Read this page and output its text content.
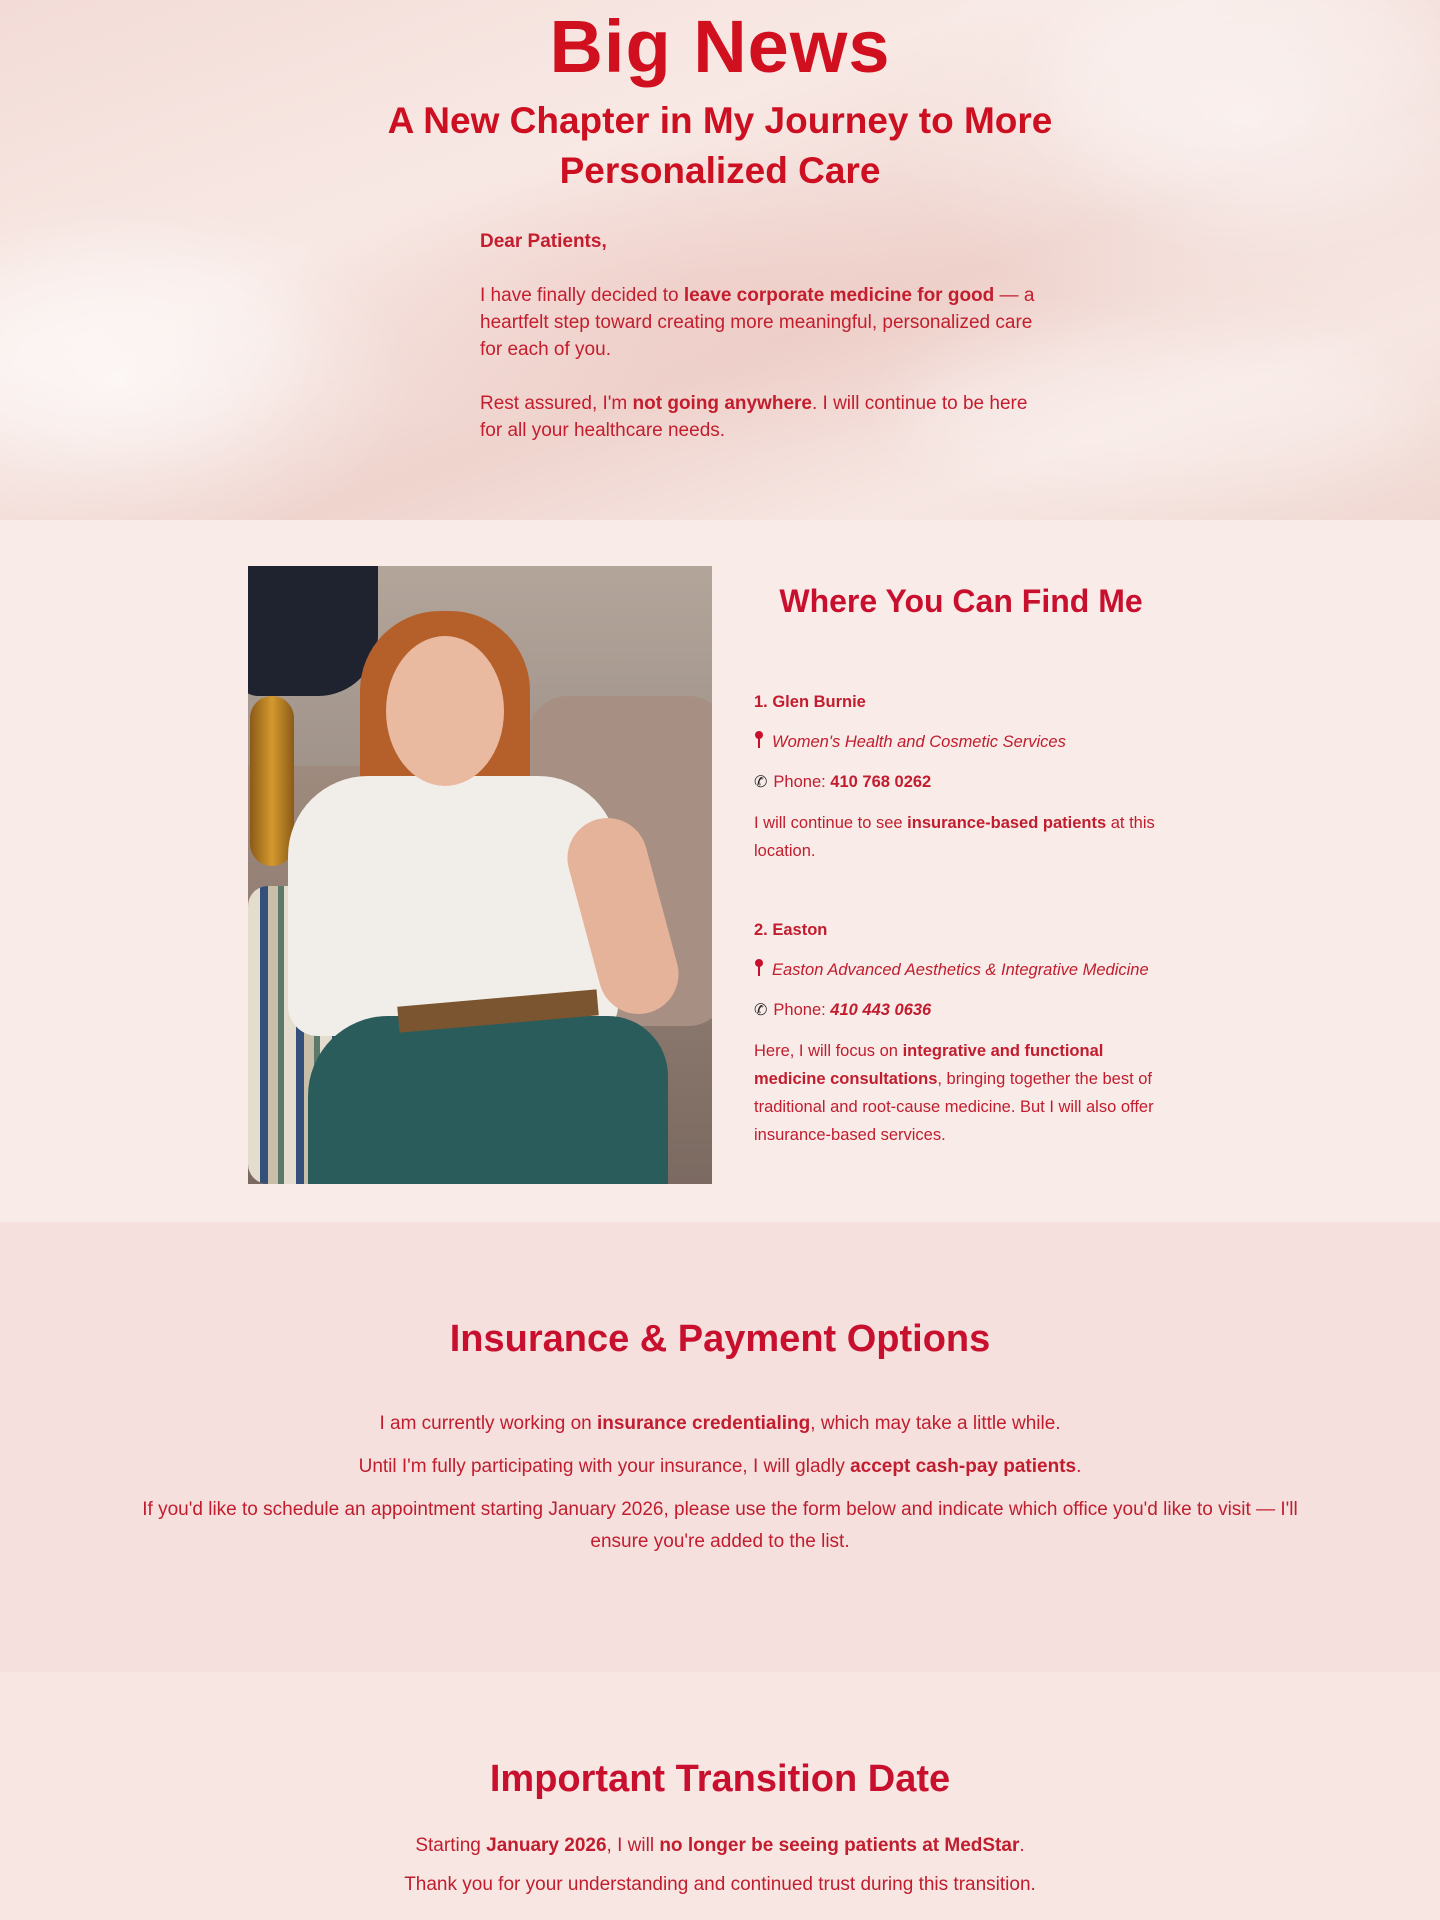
Big News
A New Chapter in My Journey to More Personalized Care

Dear Patients,

I have finally decided to leave corporate medicine for good — a heartfelt step toward creating more meaningful, personalized care for each of you.

Rest assured, I'm not going anywhere. I will continue to be here for all your healthcare needs.

Where You Can Find Me
1. Glen Burnie
Women's Health and Cosmetic Services
✆ Phone: 410 768 0262
I will continue to see insurance-based patients at this location.
2. Easton
Easton Advanced Aesthetics & Integrative Medicine
✆ Phone: 410 443 0636
Here, I will focus on integrative and functional medicine consultations, bringing together the best of traditional and root-cause medicine. But I will also offer insurance-based services.
Insurance & Payment Options

I am currently working on insurance credentialing, which may take a little while.

Until I'm fully participating with your insurance, I will gladly accept cash-pay patients.

If you'd like to schedule an appointment starting January 2026, please use the form below and indicate which office you'd like to visit — I'll ensure you're added to the list.

Important Transition Date

Starting January 2026, I will no longer be seeing patients at MedStar.

Thank you for your understanding and continued trust during this transition.
